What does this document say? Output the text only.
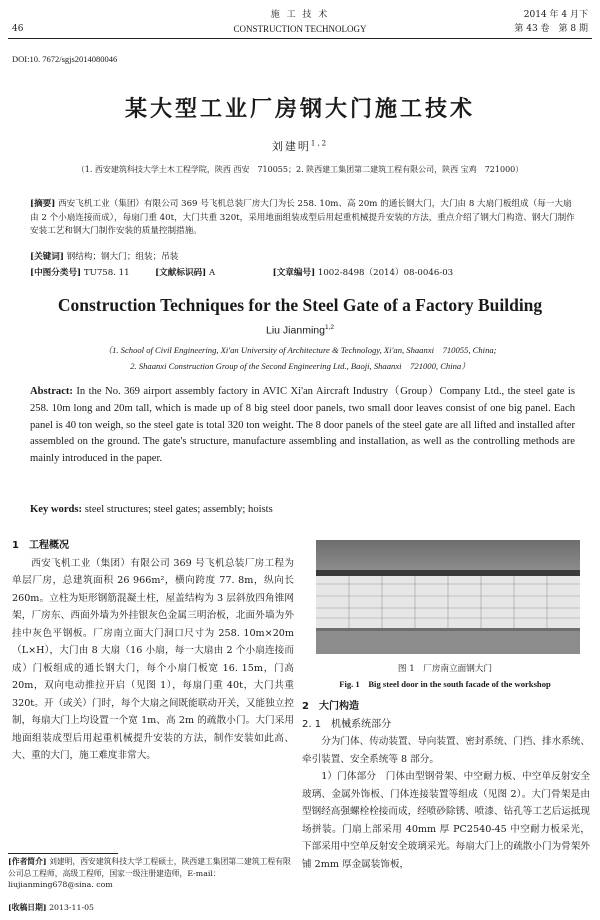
46
施 工 技 术
CONSTRUCTION TECHNOLOGY
2014 年 4 月下
第 43 卷　第 8 期
DOI:10. 7672/sgjs2014080046
某大型工业厂房钢大门施工技术
刘建明$^{1,2}$
（1. 西安建筑科技大学土木工程学院，陕西 西安　710055；2. 陕西建工集团第二建筑工程有限公司，陕西 宝鸡　721000）
[摘要] 西安飞机工业（集团）有限公司 369 号飞机总装厂房大门为长 258. 10m、高 20m 的通长钢大门，大门由 8 大扇门板组成（每一大扇由 2 个小扇连接而成），每扇门重 40t，大门共重 320t，采用地面组装成型后用起重机械提升安装的方法，重点介绍了钢大门构造、钢大门制作安装工艺和钢大门制作安装的质量控制措施。
[关键词] 钢结构；钢大门；组装；吊装
[中图分类号] TU758. 11	[文献标识码] A	[文章编号] 1002-8498（2014）08-0046-03
Construction Techniques for the Steel Gate of a Factory Building
Liu Jianming$^{1,2}$
（1. School of Civil Engineering, Xi'an University of Architecture & Technology, Xi'an, Shaanxi　710055, China;
2. Shaanxi Construction Group of the Second Engineering Ltd., Baoji, Shaanxi　721000, China）
Abstract: In the No. 369 airport assembly factory in AVIC Xi'an Aircraft Industry（Group）Company Ltd., the steel gate is 258. 10m long and 20m tall, which is made up of 8 big steel door panels, two small door leaves consist of one big panel. Each panel is 40 ton weigh, so the steel gate is total 320 ton weight. The 8 door panels of the steel gate are all lifted and installed after assembled on the ground. The gate's structure, manufacture assembling and installation, as well as the controlling methods are mainly introduced in the paper.
Key words: steel structures; steel gates; assembly; hoists
1　工程概况

西安飞机工业（集团）有限公司 369 号飞机总装厂房工程为单层厂房，总建筑面积 26 966m²，横向跨度 77. 8m，纵向长 260m。立柱为矩形钢筋混凝土柱，屋盖结构为 3 层斜放四角锥网架，厂房东、西面外墙为外挂银灰色金属三明治板，北面外墙为外挂中灰色平钢板。厂房南立面大门洞口尺寸为 258. 10m×20m（L×H），大门由 8 大扇（16 小扇，每一大扇由 2 个小扇连接而成）门板组成的通长钢大门，每个小扇门板宽 16. 15m，门高 20m，双向电动推拉开启（见图 1），每扇门重 40t，大门共重 320t。开（或关）门时，每个大扇之间既能联动开关，又能独立控制，每扇大门上均设置一个宽 1m、高 2m 的疏散小门。大门采用地面组装成型后用起重机械提升安装的方法，制作安装如此高、大、重的大门，施工难度非常大。

图 1　厂房南立面钢大门
Fig. 1　Big steel door in the south facade of the workshop
2　大门构造
2. 1　机械系统部分

分为门体、传动装置、导向装置、密封系统、门挡、排水系统、牵引装置、安全系统等 8 部分。

1）门体部分　门体由型钢骨架、中空耐力板、中空单反射安全玻璃、金属外饰板、门体连接装置等组成（见图 2）。大门骨架是由型钢经高强螺栓栓接而成，经喷砂除锈、喷漆、钻孔等工艺后运抵现场拼装。门扇上部采用 40mm 厚 PC2540-45 中空耐力板采光，下部采用中空单反射安全玻璃采光。每扇大门上的疏散小门为骨架外铺 2mm 厚金属装饰板，

[作者简介] 刘建明，西安建筑科技大学工程硕士，陕西建工集团第二建筑工程有限公司总工程师，高级工程师，国家一级注册建造师，E-mail：liujianming678@sina. com
[收稿日期] 2013-11-05
